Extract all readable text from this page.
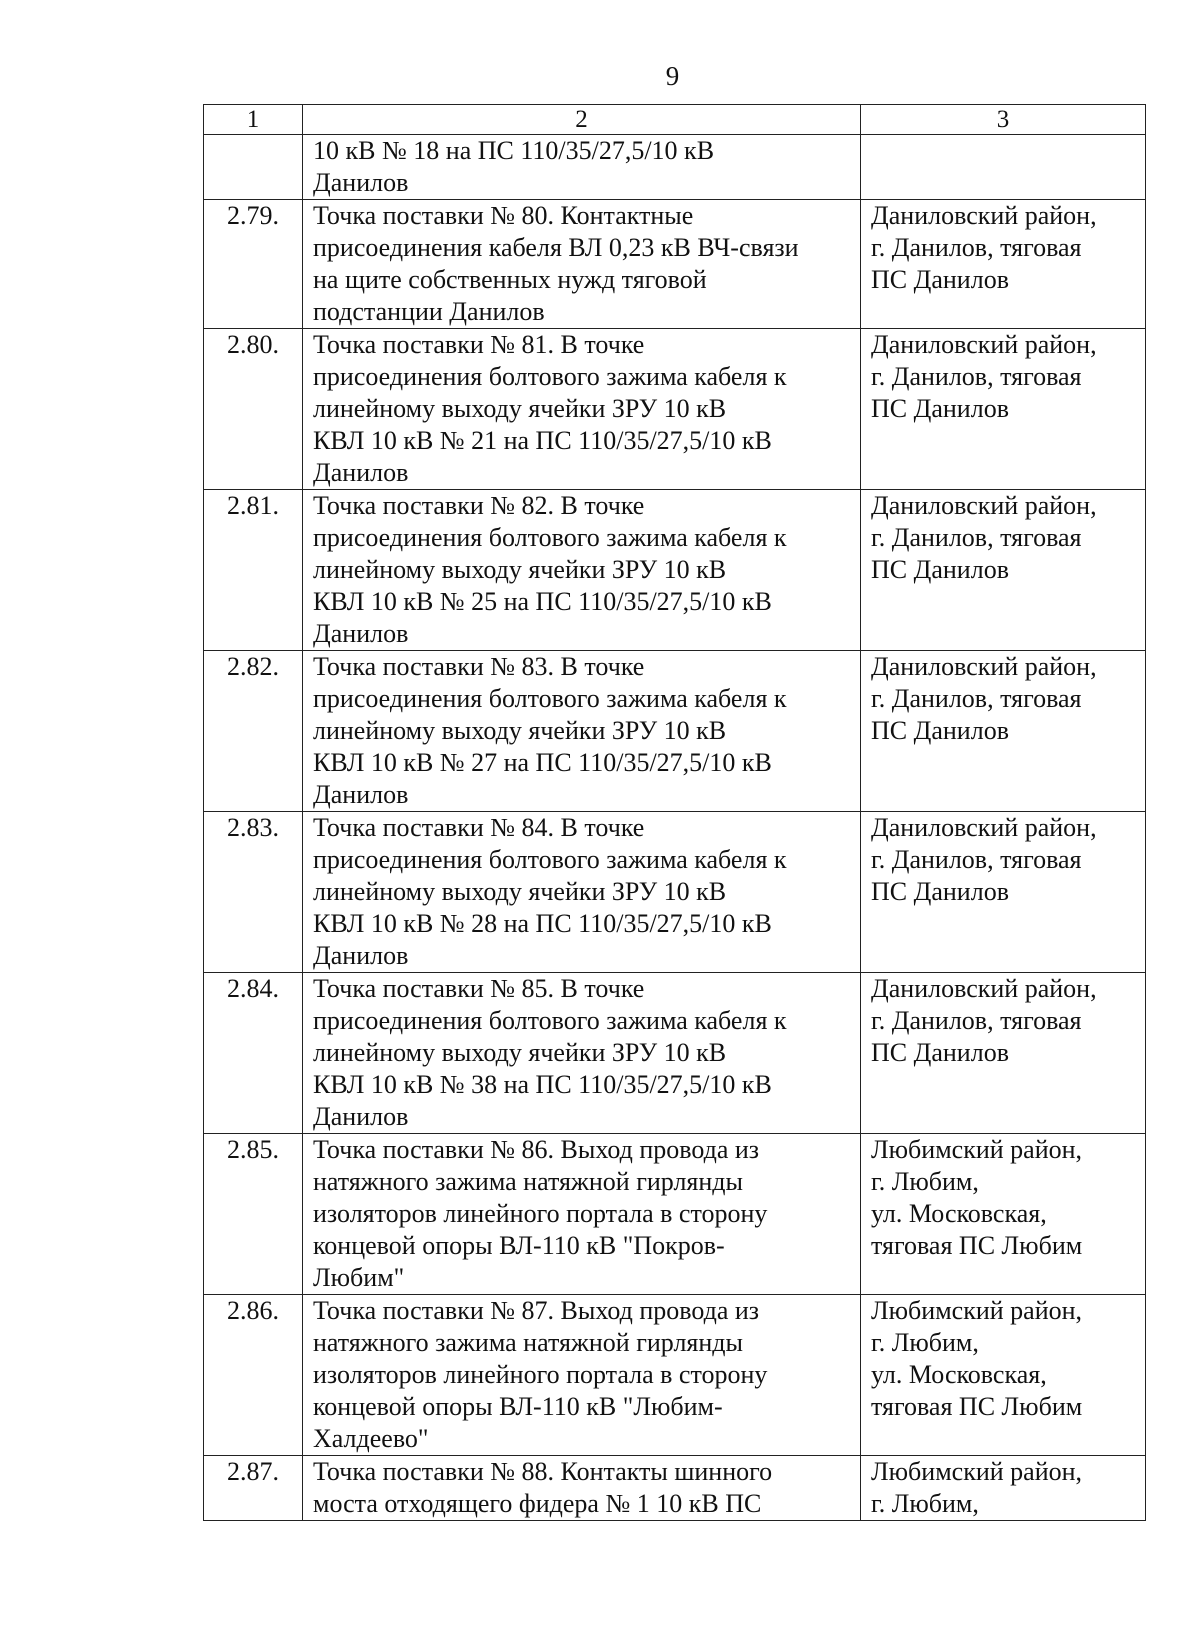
9
1	2	3

	10 кВ № 18 на ПС 110/35/27,5/10 кВ
Данилов	

2.79.	Точка поставки № 80. Контактные
присоединения кабеля ВЛ 0,23 кВ ВЧ-связи
на щите собственных нужд тяговой
подстанции Данилов	Даниловский район,
г. Данилов, тяговая
ПС Данилов

2.80.	Точка поставки № 81. В точке
присоединения болтового зажима кабеля к
линейному выходу ячейки ЗРУ 10 кВ
КВЛ 10 кВ № 21 на ПС 110/35/27,5/10 кВ
Данилов	Даниловский район,
г. Данилов, тяговая
ПС Данилов

2.81.	Точка поставки № 82. В точке
присоединения болтового зажима кабеля к
линейному выходу ячейки ЗРУ 10 кВ
КВЛ 10 кВ № 25 на ПС 110/35/27,5/10 кВ
Данилов	Даниловский район,
г. Данилов, тяговая
ПС Данилов

2.82.	Точка поставки № 83. В точке
присоединения болтового зажима кабеля к
линейному выходу ячейки ЗРУ 10 кВ
КВЛ 10 кВ № 27 на ПС 110/35/27,5/10 кВ
Данилов	Даниловский район,
г. Данилов, тяговая
ПС Данилов

2.83.	Точка поставки № 84. В точке
присоединения болтового зажима кабеля к
линейному выходу ячейки ЗРУ 10 кВ
КВЛ 10 кВ № 28 на ПС 110/35/27,5/10 кВ
Данилов	Даниловский район,
г. Данилов, тяговая
ПС Данилов

2.84.	Точка поставки № 85. В точке
присоединения болтового зажима кабеля к
линейному выходу ячейки ЗРУ 10 кВ
КВЛ 10 кВ № 38 на ПС 110/35/27,5/10 кВ
Данилов	Даниловский район,
г. Данилов, тяговая
ПС Данилов

2.85.	Точка поставки № 86. Выход провода из
натяжного зажима натяжной гирлянды
изоляторов линейного портала в сторону
концевой опоры ВЛ-110 кВ "Покров-
Любим"	Любимский район,
г. Любим,
ул. Московская,
тяговая ПС Любим

2.86.	Точка поставки № 87. Выход провода из
натяжного зажима натяжной гирлянды
изоляторов линейного портала в сторону
концевой опоры ВЛ-110 кВ "Любим-
Халдеево"	Любимский район,
г. Любим,
ул. Московская,
тяговая ПС Любим

2.87.	Точка поставки № 88. Контакты шинного
моста отходящего фидера № 1 10 кВ ПС	Любимский район,
г. Любим,
